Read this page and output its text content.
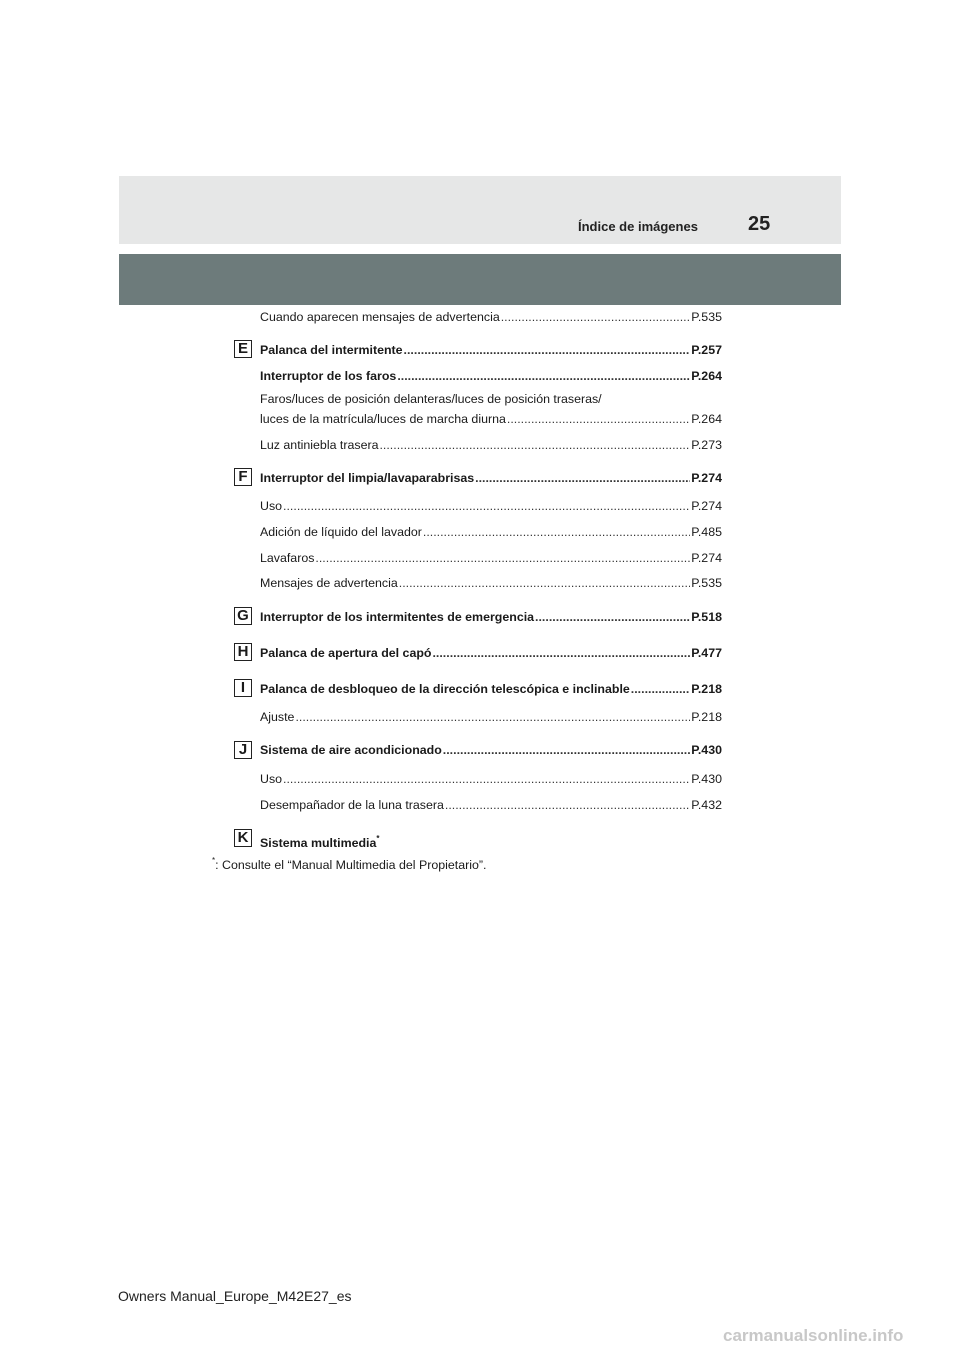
Índice de imágenes	25
Cuando aparecen mensajes de advertencia .....	P.535
E Palanca del intermitente .....	P.257
Interruptor de los faros .....	P.264
Faros/luces de posición delanteras/luces de posición traseras/
luces de la matrícula/luces de marcha diurna .....	P.264
Luz antiniebla trasera .....	P.273
F	Interruptor del limpia/lavaparabrisas .....	P.274
Uso .....	P.274
Adición de líquido del lavador .....	P.485
Lavafaros .....	P.274
Mensajes de advertencia .....	P.535
G Interruptor de los intermitentes de emergencia .....	P.518
H Palanca de apertura del capó .....	P.477
I	Palanca de desbloqueo de la dirección telescópica e inclinable .....	P.218
Ajuste .....	P.218
J	Sistema de aire acondicionado .....	P.430
Uso .....	P.430
Desempañador de la luna trasera .....	P.432
K Sistema multimedia*
*: Consulte el “Manual Multimedia del Propietario”.
Owners Manual_Europe_M42E27_es
carmanualsonline.info
